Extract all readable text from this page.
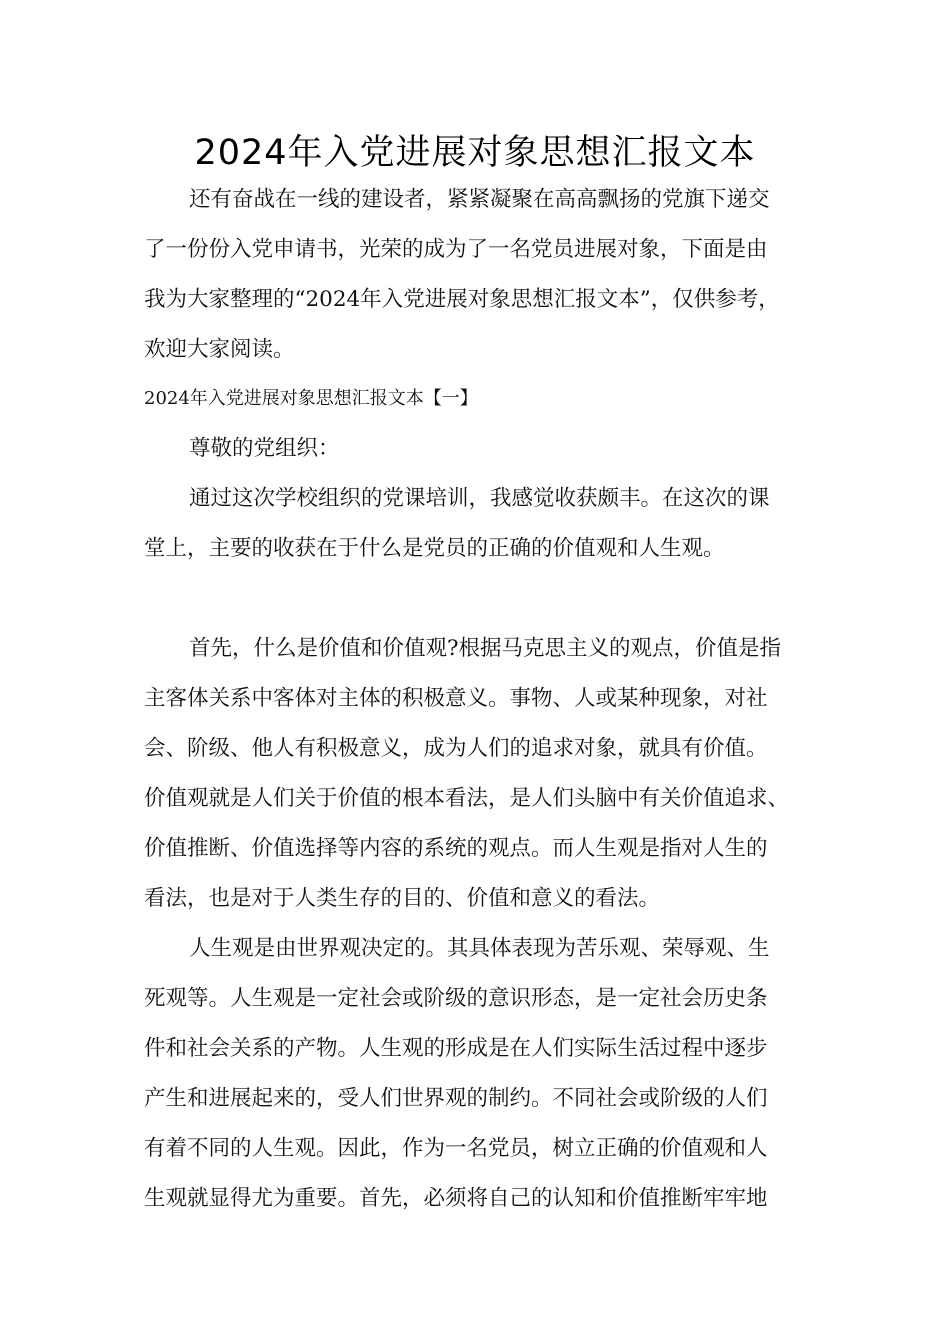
2024年入党进展对象思想汇报文本

还有奋战在一线的建设者，紧紧凝聚在高高飘扬的党旗下递交

了一份份入党申请书，光荣的成为了一名党员进展对象，下面是由

我为大家整理的“2024年入党进展对象思想汇报文本”，仅供参考，

欢迎大家阅读。

2024年入党进展对象思想汇报文本【一】

尊敬的党组织：

通过这次学校组织的党课培训，我感觉收获颇丰。在这次的课

堂上，主要的收获在于什么是党员的正确的价值观和人生观。

首先，什么是价值和价值观?根据马克思主义的观点，价值是指

主客体关系中客体对主体的积极意义。事物、人或某种现象，对社

会、阶级、他人有积极意义，成为人们的追求对象，就具有价值。

价值观就是人们关于价值的根本看法，是人们头脑中有关价值追求、

价值推断、价值选择等内容的系统的观点。而人生观是指对人生的

看法，也是对于人类生存的目的、价值和意义的看法。

人生观是由世界观决定的。其具体表现为苦乐观、荣辱观、生

死观等。人生观是一定社会或阶级的意识形态，是一定社会历史条

件和社会关系的产物。人生观的形成是在人们实际生活过程中逐步

产生和进展起来的，受人们世界观的制约。不同社会或阶级的人们

有着不同的人生观。因此，作为一名党员，树立正确的价值观和人

生观就显得尤为重要。首先，必须将自己的认知和价值推断牢牢地
